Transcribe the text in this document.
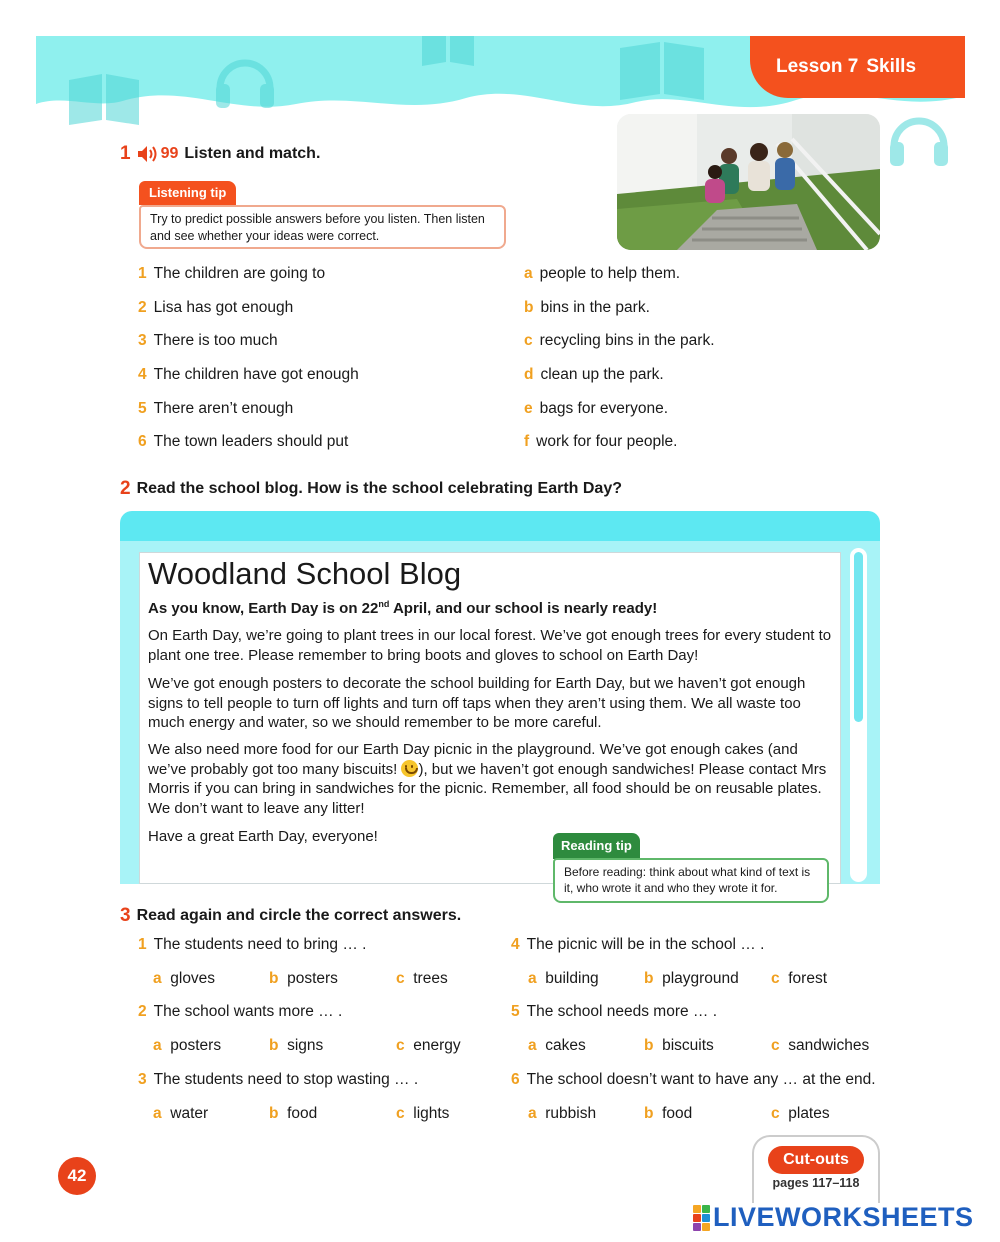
Lesson 7 Skills
1 99 Listen and match.
Listening tip
Try to predict possible answers before you listen. Then listen and see whether your ideas were correct.
1 The children are going to
2 Lisa has got enough
3 There is too much
4 The children have got enough
5 There aren’t enough
6 The town leaders should put
a people to help them.
b bins in the park.
c recycling bins in the park.
d clean up the park.
e bags for everyone.
f work for four people.
2 Read the school blog. How is the school celebrating Earth Day?
Woodland School Blog
As you know, Earth Day is on 22nd April, and our school is nearly ready!
On Earth Day, we’re going to plant trees in our local forest. We’ve got enough trees for every student to plant one tree. Please remember to bring boots and gloves to school on Earth Day!
We’ve got enough posters to decorate the school building for Earth Day, but we haven’t got enough signs to tell people to turn off lights and turn off taps when they aren’t using them. We all waste too much energy and water, so we should remember to be more careful.
We also need more food for our Earth Day picnic in the playground. We’ve got enough cakes (and we’ve probably got too many biscuits! ), but we haven’t got enough sandwiches! Please contact Mrs Morris if you can bring in sandwiches for the picnic. Remember, all food should be on reusable plates. We don’t want to leave any litter!
Have a great Earth Day, everyone!
Reading tip
Before reading: think about what kind of text is it, who wrote it and who they wrote it for.
3 Read again and circle the correct answers.
1 The students need to bring … .
a gloves	b posters	c trees
2 The school wants more … .
a posters	b signs	c energy
3 The students need to stop wasting … .
a water	b food	c lights
4 The picnic will be in the school … .
a building	b playground c forest
5 The school needs more … .
a cakes	b biscuits	c sandwiches
6 The school doesn’t want to have any … at the end.
a rubbish	b food	c plates
42
Cut-outs
pages 117–118
LIVEWORKSHEETS
